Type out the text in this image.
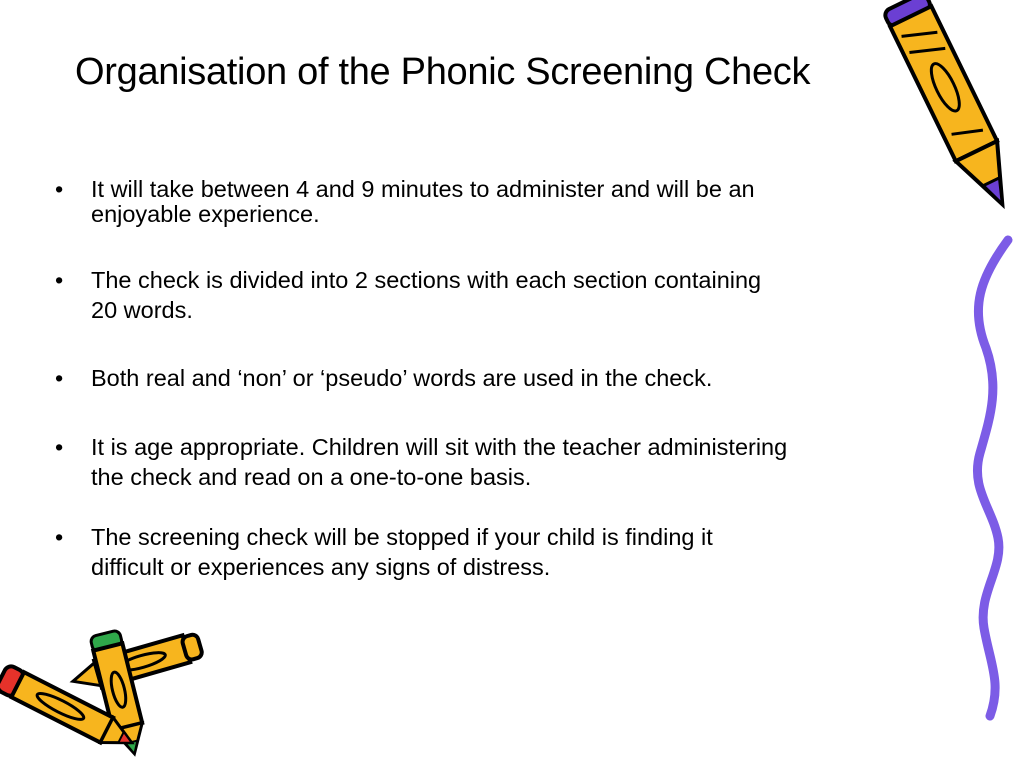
Organisation of the Phonic Screening Check
•	It will take between 4 and 9 minutes to administer and will be an
enjoyable experience.
•	The check is divided into 2 sections with each section containing
20 words.
•	Both real and ‘non’ or ‘pseudo’ words are used in the check.
•	It is age appropriate. Children will sit with the teacher administering
the check and read on a one-to-one basis.
•	The screening check will be stopped if your child is finding it
difficult or experiences any signs of distress.
